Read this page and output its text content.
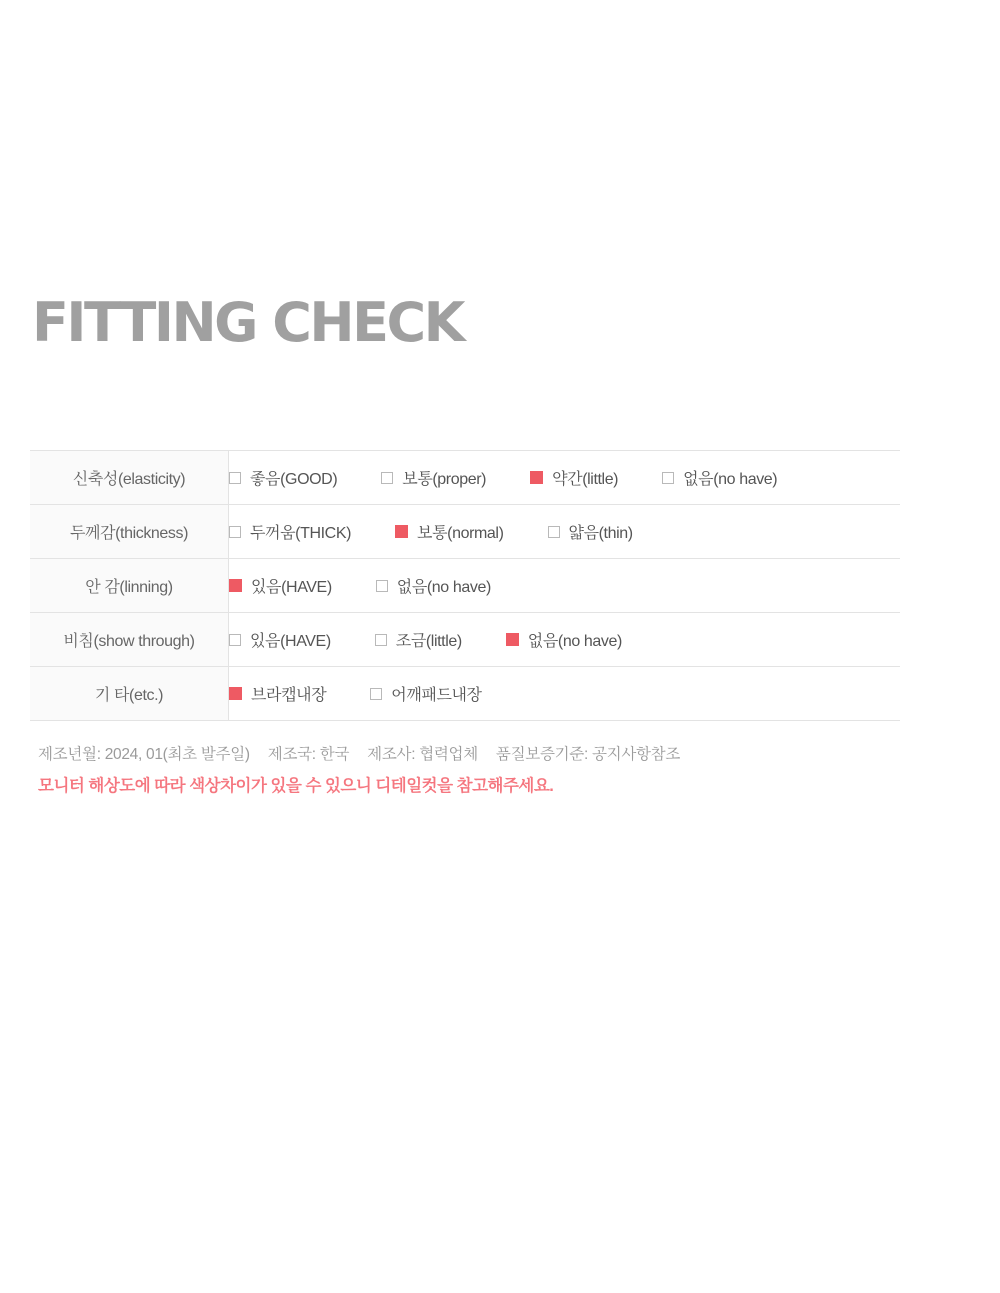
FITTING CHECK
신축성(elasticity)	좋음(GOOD) 보통(proper) 약간(little) 없음(no have)

두께감(thickness)	두꺼움(THICK) 보통(normal) 얇음(thin)

안 감(linning)	있음(HAVE) 없음(no have)

비침(show through)	있음(HAVE) 조금(little) 없음(no have)

기 타(etc.)	브라캡내장 어깨패드내장
제조년월: 2024, 01(최초 발주일) 제조국: 한국 제조사: 협력업체 품질보증기준: 공지사항참조
모니터 해상도에 따라 색상차이가 있을 수 있으니 디테일컷을 참고해주세요.
